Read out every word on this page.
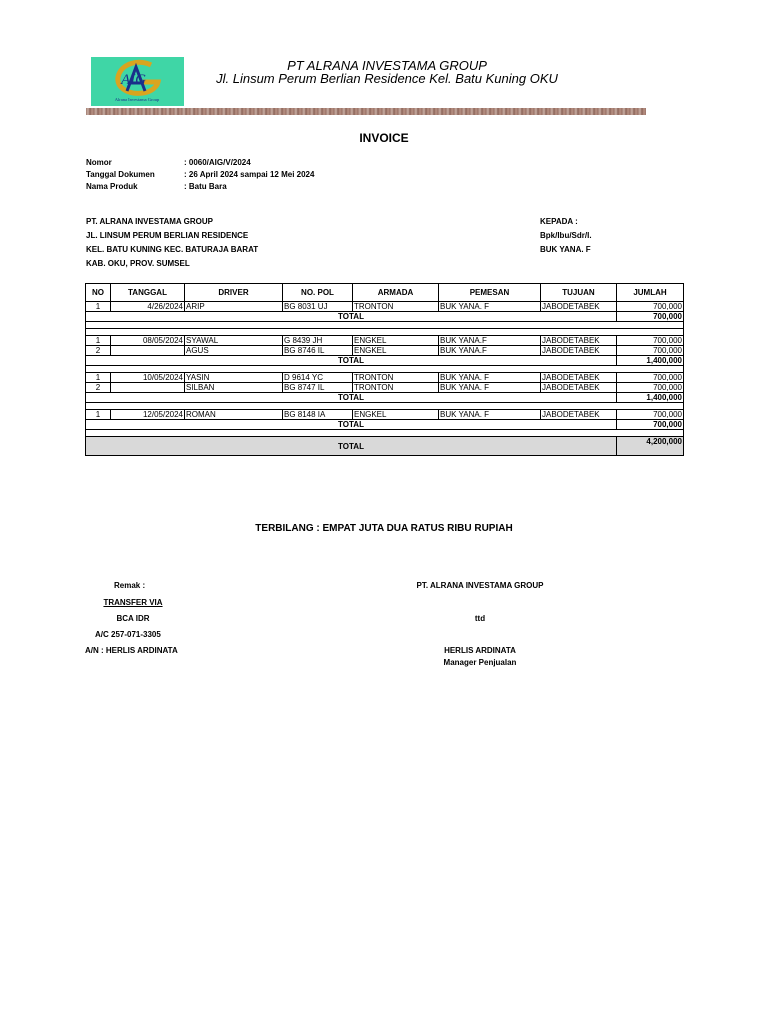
AIG
Alrana Investama Group
PT ALRANA INVESTAMA GROUP
Jl. Linsum Perum Berlian Residence Kel. Batu Kuning OKU
INVOICE
Nomor	: 0060/AIG/V/2024
Tanggal Dokumen	: 26 April 2024 sampai 12 Mei 2024
Nama Produk	: Batu Bara
PT. ALRANA INVESTAMA GROUP
JL. LINSUM PERUM BERLIAN RESIDENCE
KEL. BATU KUNING KEC. BATURAJA BARAT
KAB. OKU, PROV. SUMSEL
KEPADA :
Bpk/Ibu/Sdr/I.
BUK YANA. F
NO	TANGGAL	DRIVER	NO. POL	ARMADA	PEMESAN	TUJUAN	JUMLAH
1	4/26/2024	ARIP	BG 8031 UJ	TRONTON	BUK YANA. F	JABODETABEK	700,000
TOTAL							700,000

1	08/05/2024	SYAWAL	G 8439 JH	ENGKEL	BUK YANA.F	JABODETABEK	700,000
2		AGUS	BG 8746 IL	ENGKEL	BUK YANA.F	JABODETABEK	700,000
TOTAL							1,400,000

1	10/05/2024	YASIN	D 9614 YC	TRONTON	BUK YANA. F	JABODETABEK	700,000
2		SILBAN	BG 8747 IL	TRONTON	BUK YANA. F	JABODETABEK	700,000
TOTAL							1,400,000

1	12/05/2024	ROMAN	BG 8148 IA	ENGKEL	BUK YANA. F	JABODETABEK	700,000
TOTAL							700,000

TOTAL							4,200,000
TERBILANG : EMPAT JUTA DUA RATUS RIBU RUPIAH
Remak :
TRANSFER VIA
BCA IDR
A/C 257-071-3305
A/N : HERLIS ARDINATA
PT. ALRANA INVESTAMA GROUP
ttd
HERLIS ARDINATA
Manager Penjualan
